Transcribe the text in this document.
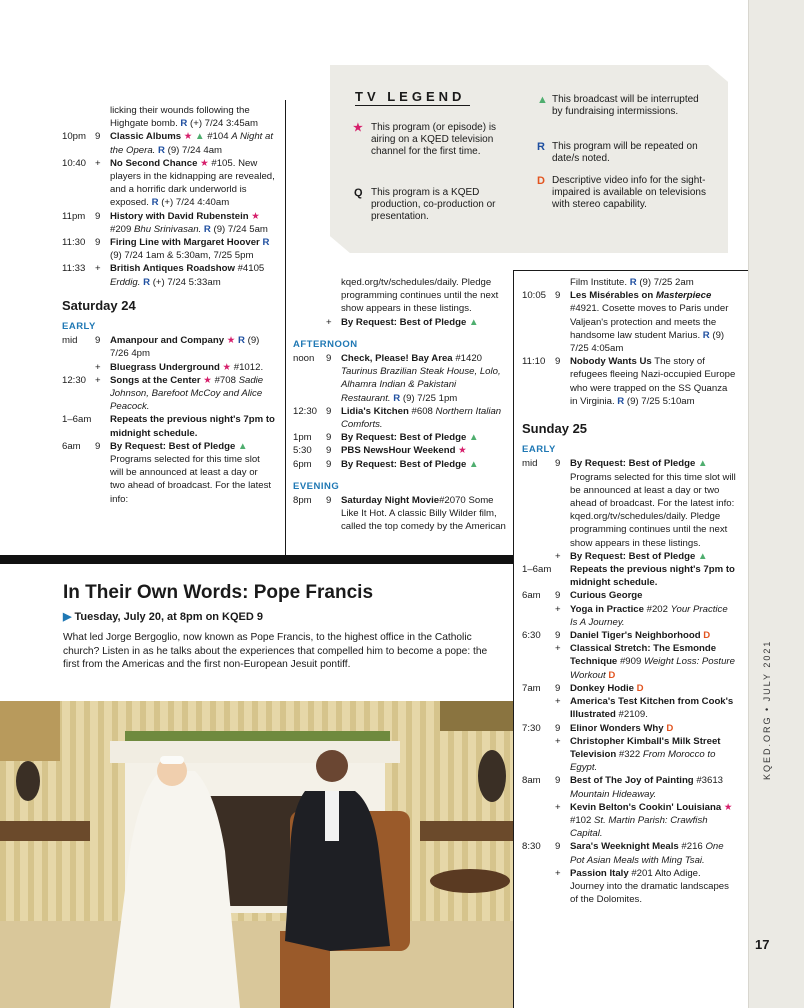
KQED.ORG • JULY 2021
17
TV LEGEND
★ This program (or episode) is airing on a KQED television channel for the first time.
Q This program is a KQED production, co-production or presentation.
▲ This broadcast will be interrupted by fundraising intermissions.
R This program will be repeated on date/s noted.
D Descriptive video info for the sight-impaired is available on televisions with stereo capability.
licking their wounds following the Highgate bomb. R (+) 7/24 3:45am
10pm 9	Classic Albums ★ ▲ #104 A Night at the Opera. R (9) 7/24 4am
10:40 + No Second Chance ★ #105. New players in the kidnapping are revealed, and a horrific dark underworld is exposed. R (+) 7/24 4:40am
11pm	9	History with David Rubenstein ★ #209 Bhu Srinivasan. R (9) 7/24 5am
11:30	9	Firing Line with Margaret Hoover R (9) 7/24 1am & 5:30am, 7/25 5pm
11:33	+ British Antiques Roadshow #4105 Erddig. R (+) 7/24 5:33am
Saturday 24
EARLY
mid	9	Amanpour and Company ★ R (9) 7/26 4pm
+ Bluegrass Underground ★ #1012.
12:30 + Songs at the Center ★ #708 Sadie Johnson, Barefoot McCoy and Alice Peacock.
1–6am	Repeats the previous night's 7pm to midnight schedule.
6am	9	By Request: Best of Pledge ▲ Programs selected for this time slot will be announced at least a day or two ahead of broadcast. For the latest info:
kqed.org/tv/schedules/daily. Pledge programming continues until the next show appears in these listings.
+ By Request: Best of Pledge ▲
AFTERNOON
noon	9	Check, Please! Bay Area #1420 Taurinus Brazilian Steak House, Lolo, Alhamra Indian & Pakistani Restaurant. R (9) 7/25 1pm
12:30 9	Lidia's Kitchen #608 Northern Italian Comforts.
1pm	9	By Request: Best of Pledge ▲
5:30	9	PBS NewsHour Weekend ★
6pm	9	By Request: Best of Pledge ▲
EVENING
8pm	9	Saturday Night Movie#2070 Some Like It Hot. A classic Billy Wilder film, called the top comedy by the American
Film Institute. R (9) 7/25 2am
10:05 9	Les Misérables on Masterpiece #4921. Cosette moves to Paris under Valjean's protection and meets the handsome law student Marius. R (9) 7/25 4:05am
11:10	9	Nobody Wants Us The story of refugees fleeing Nazi-occupied Europe who were trapped on the SS Quanza in Virginia. R (9) 7/25 5:10am
Sunday 25
EARLY
mid	9	By Request: Best of Pledge ▲ Programs selected for this time slot will be announced at least a day or two ahead of broadcast. For the latest info: kqed.org/tv/schedules/daily. Pledge programming continues until the next show appears in these listings.
+ By Request: Best of Pledge ▲
1–6am	Repeats the previous night's 7pm to midnight schedule.
6am	9	Curious George
+ Yoga in Practice #202 Your Practice Is A Journey.
6:30	9	Daniel Tiger's Neighborhood D
+ Classical Stretch: The Esmonde Technique #909 Weight Loss: Posture Workout D
7am	9	Donkey Hodie D
+ America's Test Kitchen from Cook's Illustrated #2109.
7:30	9	Elinor Wonders Why D
+ Christopher Kimball's Milk Street Television #322 From Morocco to Egypt.
8am	9	Best of The Joy of Painting #3613 Mountain Hideaway.
+ Kevin Belton's Cookin' Louisiana ★ #102 St. Martin Parish: Crawfish Capital.
8:30	9	Sara's Weeknight Meals #216 One Pot Asian Meals with Ming Tsai.
+ Passion Italy #201 Alto Adige. Journey into the dramatic landscapes of the Dolomites.
In Their Own Words: Pope Francis
▶ Tuesday, July 20, at 8pm on KQED 9
What led Jorge Bergoglio, now known as Pope Francis, to the highest office in the Catholic church? Listen in as he talks about the experiences that compelled him to become a pope: the first from the Americas and the first non-European Jesuit pontiff.
